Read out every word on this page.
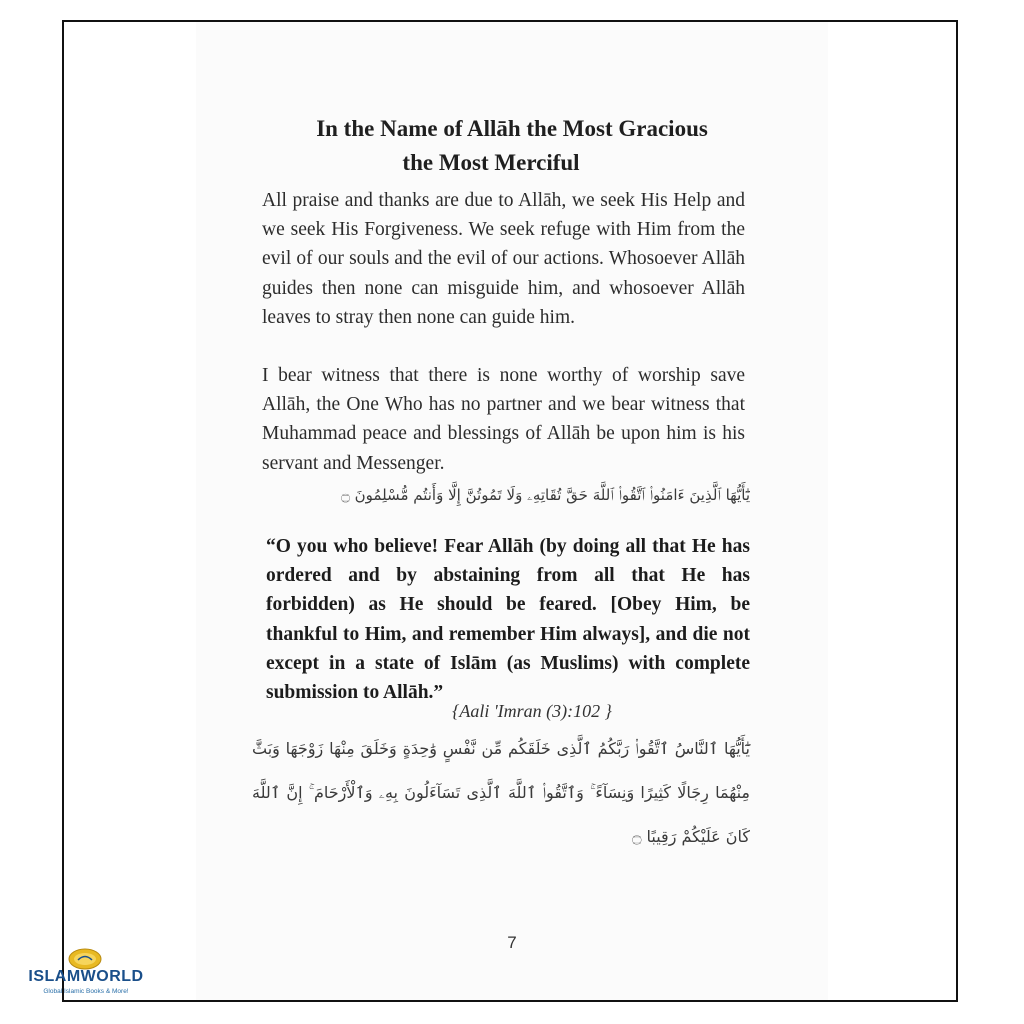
In the Name of Allāh the Most Gracious
the Most Merciful

All praise and thanks are due to Allāh, we seek His Help and we seek His Forgiveness. We seek refuge with Him from the evil of our souls and the evil of our actions. Whosoever Allāh guides then none can misguide him, and whosoever Allāh leaves to stray then none can guide him.

I bear witness that there is none worthy of worship save Allāh, the One Who has no partner and we bear witness that Muhammad peace and blessings of Allāh be upon him is his servant and Messenger.

يَٰٓأَيُّهَا ٱلَّذِينَ ءَامَنُوا۟ ٱتَّقُوا۟ ٱللَّهَ حَقَّ تُقَاتِهِۦ وَلَا تَمُوتُنَّ إِلَّا وَأَنتُم مُّسْلِمُونَ ۝

“O you who believe! Fear Allāh (by doing all that He has ordered and by abstaining from all that He has forbidden) as He should be feared. [Obey Him, be thankful to Him, and remember Him always], and die not except in a state of Islām (as Muslims) with complete submission to Allāh.”

{Aali 'Imran (3):102 }

يَٰٓأَيُّهَا ٱلنَّاسُ ٱتَّقُوا۟ رَبَّكُمُ ٱلَّذِى خَلَقَكُم مِّن نَّفْسٍ وَٰحِدَةٍ وَخَلَقَ مِنْهَا زَوْجَهَا وَبَثَّ مِنْهُمَا رِجَالًا كَثِيرًا وَنِسَآءً ۚ وَٱتَّقُوا۟ ٱللَّهَ ٱلَّذِى تَسَآءَلُونَ بِهِۦ وَٱلْأَرْحَامَ ۚ إِنَّ ٱللَّهَ كَانَ عَلَيْكُمْ رَقِيبًا ۝

7
ISLAMWORLD
Global Islamic Books & More!
